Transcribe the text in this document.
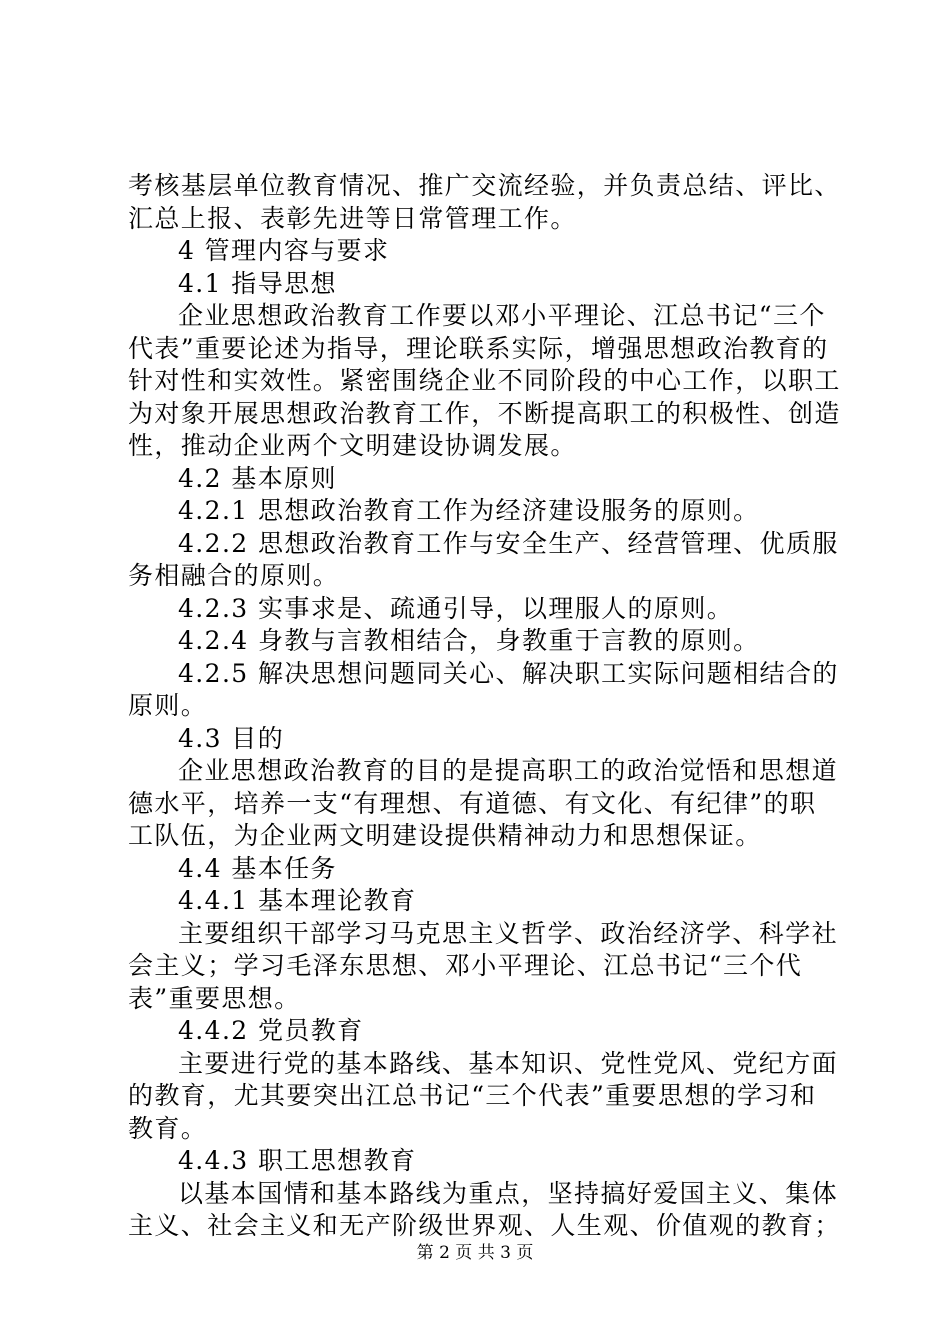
考核基层单位教育情况、推广交流经验，并负责总结、评比、
汇总上报、表彰先进等日常管理工作。
4 管理内容与要求
4.1 指导思想
企业思想政治教育工作要以邓小平理论、江总书记“三个
代表”重要论述为指导，理论联系实际，增强思想政治教育的
针对性和实效性。紧密围绕企业不同阶段的中心工作，以职工
为对象开展思想政治教育工作，不断提高职工的积极性、创造
性，推动企业两个文明建设协调发展。
4.2 基本原则
4.2.1 思想政治教育工作为经济建设服务的原则。
4.2.2 思想政治教育工作与安全生产、经营管理、优质服
务相融合的原则。
4.2.3 实事求是、疏通引导，以理服人的原则。
4.2.4 身教与言教相结合，身教重于言教的原则。
4.2.5 解决思想问题同关心、解决职工实际问题相结合的
原则。
4.3 目的
企业思想政治教育的目的是提高职工的政治觉悟和思想道
德水平，培养一支“有理想、有道德、有文化、有纪律”的职
工队伍，为企业两文明建设提供精神动力和思想保证。
4.4 基本任务
4.4.1 基本理论教育
主要组织干部学习马克思主义哲学、政治经济学、科学社
会主义；学习毛泽东思想、邓小平理论、江总书记“三个代
表”重要思想。
4.4.2 党员教育
主要进行党的基本路线、基本知识、党性党风、党纪方面
的教育，尤其要突出江总书记“三个代表”重要思想的学习和
教育。
4.4.3 职工思想教育
以基本国情和基本路线为重点，坚持搞好爱国主义、集体
主义、社会主义和无产阶级世界观、人生观、价值观的教育；
第 2 页 共 3 页
